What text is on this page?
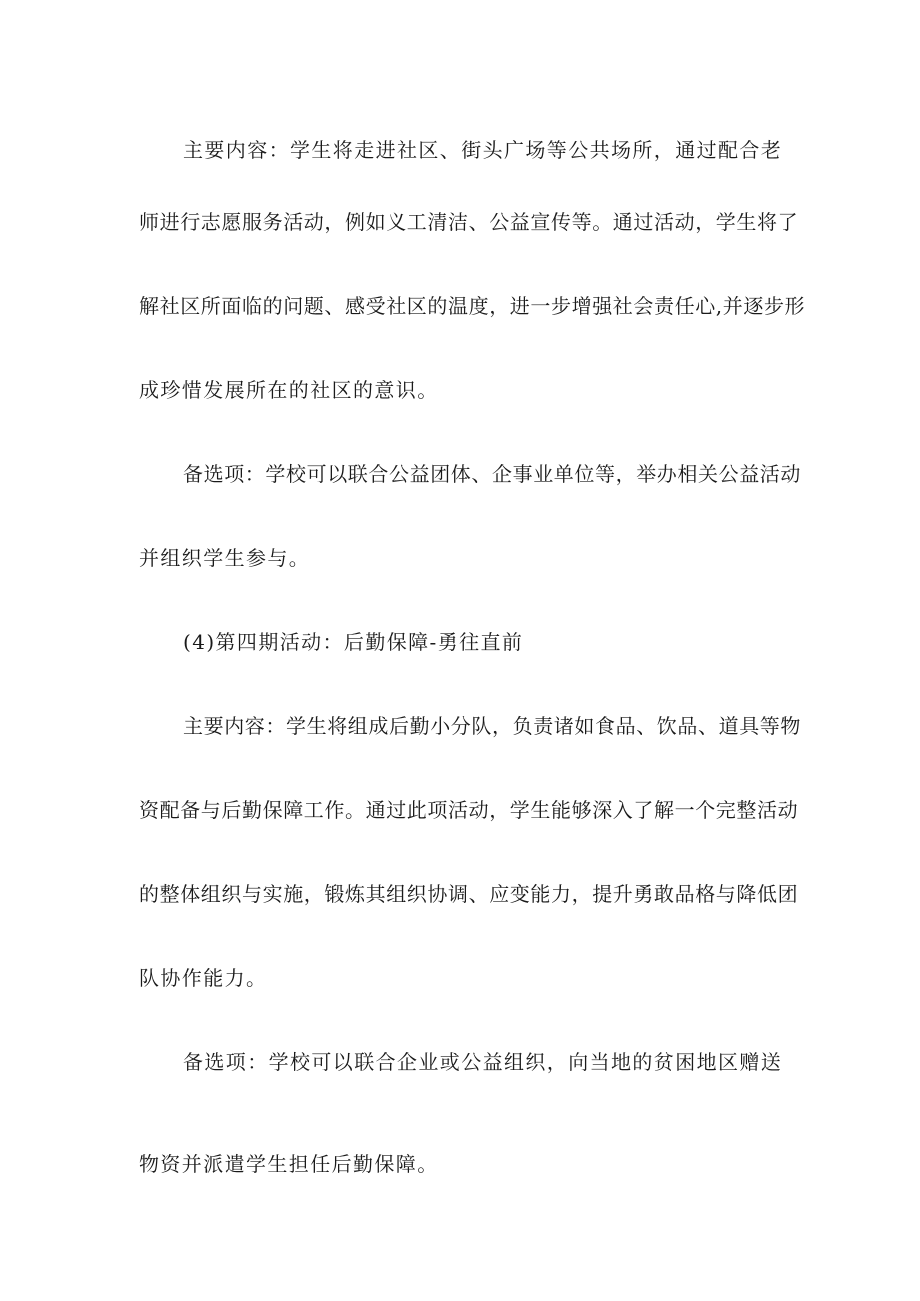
主要内容：学生将走进社区、街头广场等公共场所，通过配合老
师进行志愿服务活动，例如义工清洁、公益宣传等。通过活动，学生将了
解社区所面临的问题、感受社区的温度，进一步增强社会责任心,并逐步形
成珍惜发展所在的社区的意识。
备选项：学校可以联合公益团体、企事业单位等，举办相关公益活动
并组织学生参与。
(4)第四期活动：后勤保障-勇往直前
主要内容：学生将组成后勤小分队，负责诸如食品、饮品、道具等物
资配备与后勤保障工作。通过此项活动，学生能够深入了解一个完整活动
的整体组织与实施，锻炼其组织协调、应变能力，提升勇敢品格与降低团
队协作能力。
备选项：学校可以联合企业或公益组织，向当地的贫困地区赠送
物资并派遣学生担任后勤保障。
